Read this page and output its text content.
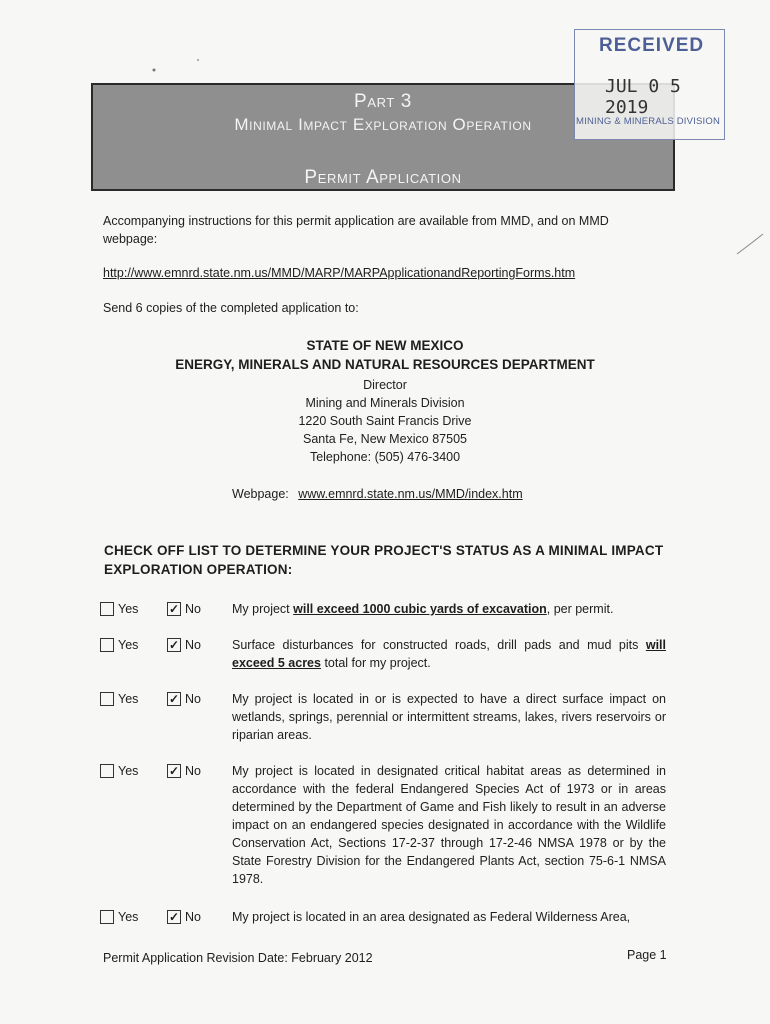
Part 3
Minimal Impact Exploration Operation
Permit Application
RECEIVED
JUL 0 5 2019
MINING & MINERALS DIVISION
Accompanying instructions for this permit application are available from MMD, and on MMD webpage:
http://www.emnrd.state.nm.us/MMD/MARP/MARPApplicationandReportingForms.htm
Send 6 copies of the completed application to:
STATE OF NEW MEXICO
ENERGY, MINERALS AND NATURAL RESOURCES DEPARTMENT
Director
Mining and Minerals Division
1220 South Saint Francis Drive
Santa Fe, New Mexico 87505
Telephone: (505) 476-3400
Webpage: www.emnrd.state.nm.us/MMD/index.htm
CHECK OFF LIST TO DETERMINE YOUR PROJECT'S STATUS AS A MINIMAL IMPACT EXPLORATION OPERATION:
Yes	✓ No My project will exceed 1000 cubic yards of excavation, per permit.
Yes	✓ No Surface disturbances for constructed roads, drill pads and mud pits will exceed 5 acres total for my project.
Yes	✓ No My project is located in or is expected to have a direct surface impact on wetlands, springs, perennial or intermittent streams, lakes, rivers reservoirs or riparian areas.
Yes	✓ No My project is located in designated critical habitat areas as determined in accordance with the federal Endangered Species Act of 1973 or in areas determined by the Department of Game and Fish likely to result in an adverse impact on an endangered species designated in accordance with the Wildlife Conservation Act, Sections 17-2-37 through 17-2-46 NMSA 1978 or by the State Forestry Division for the Endangered Plants Act, section 75-6-1 NMSA 1978.
Yes	✓ No My project is located in an area designated as Federal Wilderness Area,
Permit Application Revision Date: February 2012	Page 1
